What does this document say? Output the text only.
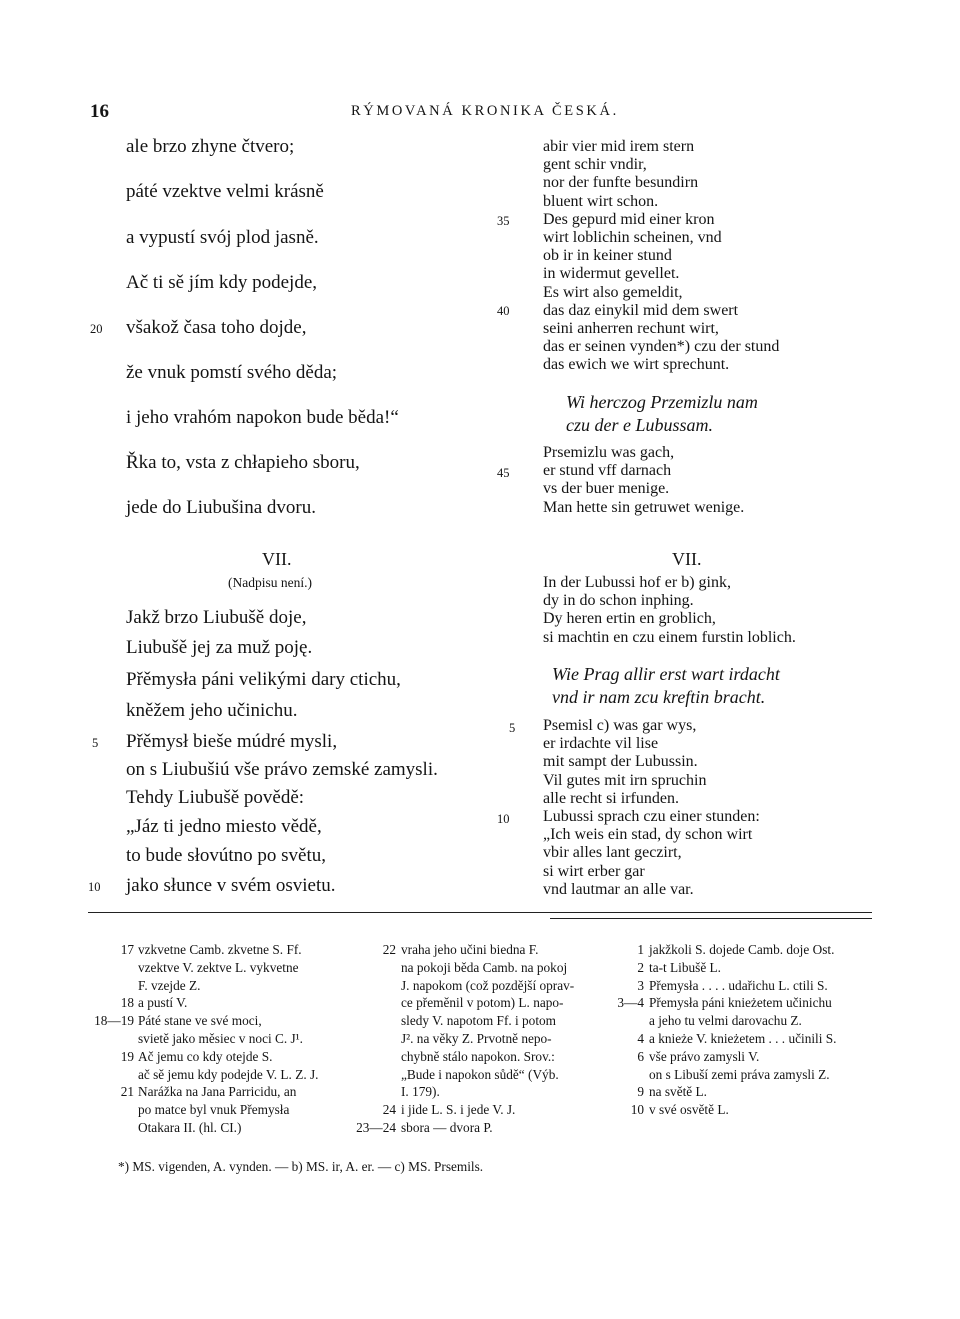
16	RÝMOVANÁ KRONIKA ČESKÁ.
ale brzo zhyne čtvero;
páté vzektve velmi krásně
a vypustí svój plod jasně.
Ač ti sě jím kdy podejde,
všakož časa toho dojde,
že vnuk pomstí svého děda;
i jeho vrahóm napokon bude běda!“
Řka to, vsta z chłapieho sboru,
jede do Liubušina dvoru.
20
abir vier mid irem stern
gent schir vndir,
nor der funfte besundirn
bluent wirt schon.
Des gepurd mid einer kron
wirt loblichin scheinen, vnd
ob ir in keiner stund
in widermut gevellet.
Es wirt also gemeldit,
das daz einykil mid dem swert
seini anherren rechunt wirt,
das er seinen vynden*) czu der stund
das ewich we wirt sprechunt.
35
40
45
Wi herczog Przemizlu nam
czu der e Lubussam.
Prsemizlu was gach,
er stund vff darnach
vs der buer menige.
Man hette sin getruwet wenige.
VII.
(Nadpisu není.)
Jakž brzo Liubušě doje,
Liubušě jej za muž poję.
Přěmysła páni velikými dary ctichu,
kněžem jeho učinichu.
Přěmysł bieše múdré mysli,
on s Liubušiú vše právo zemské zamysli.
Tehdy Liubušě povědě:
„Jáz ti jedno miesto vědě,
to bude słovútno po světu,
jako słunce v svém osvietu.
5
10
VII.
In der Lubussi hof er b) gink,
dy in do schon inphing.
Dy heren ertin en groblich,
si machtin en czu einem furstin loblich.
Wie Prag allir erst wart irdacht
vnd ir nam zcu kreftin bracht.
Psemisl c) was gar wys,
er irdachte vil lise
mit sampt der Lubussin.
Vil gutes mit irn spruchin
alle recht si irfunden.
Lubussi sprach czu einer stunden:
„Ich weis ein stad, dy schon wirt
vbir alles lant geczirt,
si wirt erber gar
vnd lautmar an alle var.
5
10
17
18
18—19
19
21
vzkvetne Camb. zkvetne S. Ff.
vzektve V. zektve L. vykvetne
F. vzejde Z.
a pustí V.
Páté stane ve své moci,
svietě jako měsiec v noci C. J¹.
Ač jemu co kdy otejde S.
ač sě jemu kdy podejde V. L. Z. J.
Narážka na Jana Parricidu, an
po matce byl vnuk Přemysła
Otakara II. (hl. CI.)
22
24
23—24
vraha jeho učini biedna F.
na pokoji běda Camb. na pokoj
J. napokom (což pozdější oprav-
ce přeměnil v potom) L. napo-
sledy V. napotom Ff. i potom
J². na věky Z. Prvotně nepo-
chybně stálo napokon. Srov.:
„Bude i napokon sůdě“ (Výb.
I. 179).
i jide L. S. i jede V. J.
sbora — dvora P.
1
2
3
3—4
4
6
9
10
jakžkoli S. dojede Camb. doje Ost.
ta-t Libušě L.
Přemysła . . . . udařichu L. ctili S.
Přemysła páni knieżetem učinichu
a jeho tu velmi darovachu Z.
a knieże V. knieżetem . . . učinili S.
vše právo zamysli V.
on s Libuší zemi práva zamysli Z.
na světě L.
v své osvětě L.
*) MS. vigenden, A. vynden. — b) MS. ir, A. er. — c) MS. Prsemils.
